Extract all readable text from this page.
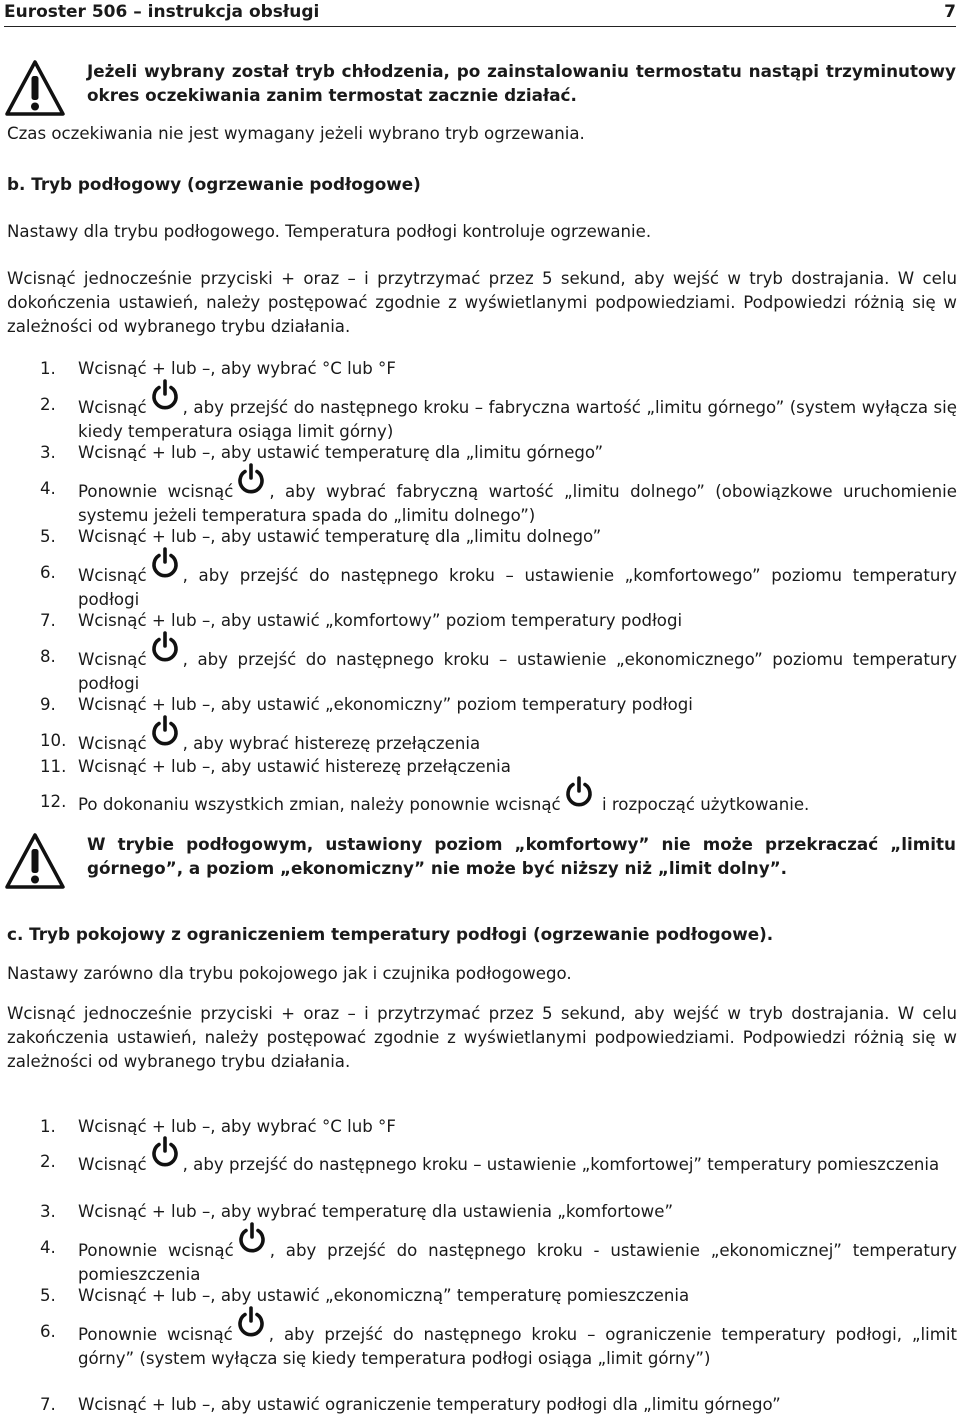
Euroster 506 – instrukcja obsługi	7
Jeżeli wybrany został tryb chłodzenia, po zainstalowaniu termostatu nastąpi trzyminutowy okres oczekiwania zanim termostat zacznie działać.
Czas oczekiwania nie jest wymagany jeżeli wybrano tryb ogrzewania.
b. Tryb podłogowy (ogrzewanie podłogowe)
Nastawy dla trybu podłogowego. Temperatura podłogi kontroluje ogrzewanie.
Wcisnąć jednocześnie przyciski + oraz – i przytrzymać przez 5 sekund, aby wejść w tryb dostrajania. W celu dokończenia ustawień, należy postępować zgodnie z wyświetlanymi podpowiedziami. Podpowiedzi różnią się w zależności od wybranego trybu działania.
1.	Wcisnąć + lub –, aby wybrać °C lub °F
2.	Wcisnąć , aby przejść do następnego kroku – fabryczna wartość „limitu górnego” (system wyłącza się kiedy temperatura osiąga limit górny)
3.	Wcisnąć + lub –, aby ustawić temperaturę dla „limitu górnego”
4.	Ponownie wcisnąć , aby wybrać fabryczną wartość „limitu dolnego” (obowiązkowe uruchomienie systemu jeżeli temperatura spada do „limitu dolnego”)
5.	Wcisnąć + lub –, aby ustawić temperaturę dla „limitu dolnego”
6.	Wcisnąć , aby przejść do następnego kroku – ustawienie „komfortowego” poziomu temperatury podłogi
7.	Wcisnąć + lub –, aby ustawić „komfortowy” poziom temperatury podłogi
8.	Wcisnąć , aby przejść do następnego kroku – ustawienie „ekonomicznego” poziomu temperatury podłogi
9.	Wcisnąć + lub –, aby ustawić „ekonomiczny” poziom temperatury podłogi
10. Wcisnąć , aby wybrać histerezę przełączenia
11. Wcisnąć + lub –, aby ustawić histerezę przełączenia
12. Po dokonaniu wszystkich zmian, należy ponownie wcisnąć
i rozpocząć użytkowanie.
W trybie podłogowym, ustawiony poziom „komfortowy” nie może przekraczać „limitu górnego”, a poziom „ekonomiczny” nie może być niższy niż „limit dolny”.
c. Tryb pokojowy z ograniczeniem temperatury podłogi (ogrzewanie podłogowe).
Nastawy zarówno dla trybu pokojowego jak i czujnika podłogowego.
Wcisnąć jednocześnie przyciski + oraz – i przytrzymać przez 5 sekund, aby wejść w tryb dostrajania. W celu zakończenia ustawień, należy postępować zgodnie z wyświetlanymi podpowiedziami. Podpowiedzi różnią się w zależności od wybranego trybu działania.
1.	Wcisnąć + lub –, aby wybrać °C lub °F
2.	Wcisnąć , aby przejść do następnego kroku – ustawienie „komfortowej” temperatury pomieszczenia
3.	Wcisnąć + lub –, aby wybrać temperaturę dla ustawienia „komfortowe”
4.	Ponownie wcisnąć , aby przejść do następnego kroku - ustawienie „ekonomicznej” temperatury pomieszczenia
5.	Wcisnąć + lub –, aby ustawić „ekonomiczną” temperaturę pomieszczenia
6.	Ponownie wcisnąć , aby przejść do następnego kroku – ograniczenie temperatury podłogi, „limit górny” (system wyłącza się kiedy temperatura podłogi osiąga „limit górny”)
7.	Wcisnąć + lub –, aby ustawić ograniczenie temperatury podłogi dla „limitu górnego”
